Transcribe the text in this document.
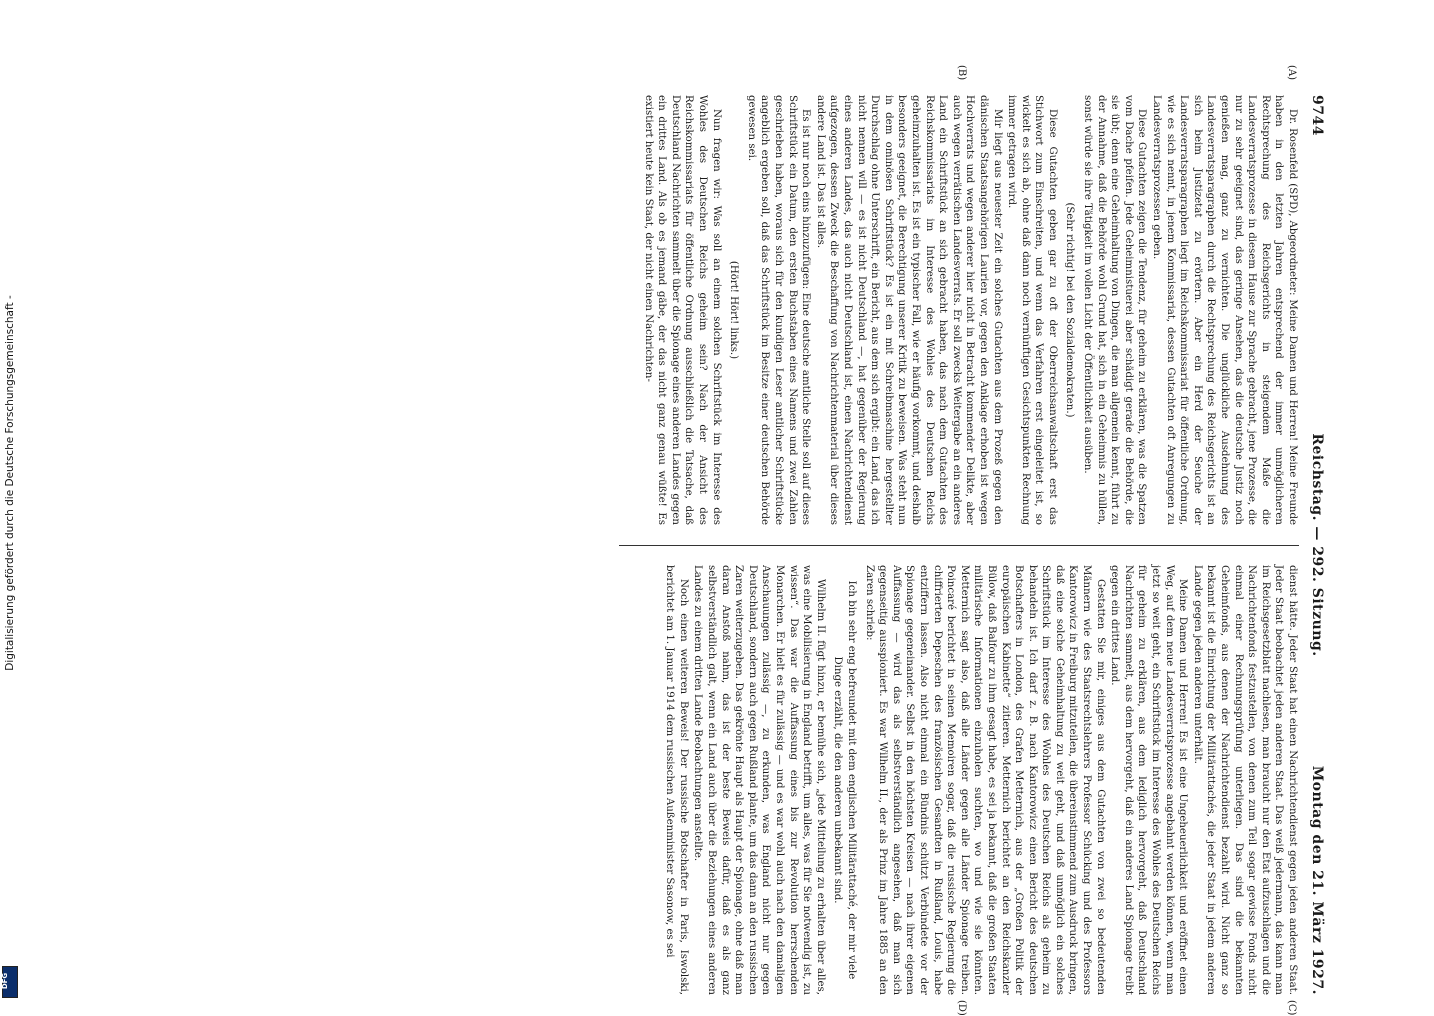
9744
Reichstag. — 292. Sitzung.
Montag den 21. März 1927.
(A)
(B)
(C)
(D)

Dr. Rosenfeld (SPD), Abgeordneter: Meine Damen und Herren! Meine Freunde haben in den letzten Jahren entsprechend der immer unmöglicheren Rechtsprechung des Reichsgerichts in steigendem Maße die Landesverratsprozesse in diesem Hause zur Sprache gebracht, jene Prozesse, die nur zu sehr geeignet sind, das geringe Ansehen, das die deutsche Justiz noch genießen mag, ganz zu vernichten. Die unglückliche Ausdehnung des Landesverratsparagraphen durch die Rechtsprechung des Reichsgerichts ist an sich beim Justizetat zu erörtern. Aber ein Herd der Seuche der Landesverratsparagraphen liegt im Reichskommissariat für öffentliche Ordnung, wie es sich nennt, in jenem Kommissariat, dessen Gutachten oft Anregungen zu Landesverratsprozessen geben.

Diese Gutachten zeigen die Tendenz, für geheim zu erklären, was die Spatzen vom Dache pfeifen. Jede Geheimnistuerei aber schädigt gerade die Behörde, die sie übt; denn eine Geheimhaltung von Dingen, die man allgemein kennt, führt zu der Annahme, daß die Behörde wohl Grund hat, sich in ein Geheimnis zu hüllen, sonst würde sie ihre Tätigkeit im vollen Licht der Öffentlichkeit ausüben.

(Sehr richtig! bei den Sozialdemokraten.)

Diese Gutachten geben gar zu oft der Oberreichsanwaltschaft erst das Stichwort zum Einschreiten, und wenn das Verfahren erst eingeleitet ist, so wickelt es sich ab, ohne daß dann noch vernünftigen Gesichtspunkten Rechnung immer getragen wird.

Mir liegt aus neuester Zeit ein solches Gutachten aus dem Prozeß gegen den dänischen Staatsangehörigen Laurien vor, gegen den Anklage erhoben ist wegen Hochverrats und wegen anderer hier nicht in Betracht kommender Delikte, aber auch wegen verrätischen Landesverrats. Er soll zwecks Weitergabe an ein anderes Land ein Schriftstück an sich gebracht haben, das nach dem Gutachten des Reichskommissariats im Interesse des Wohles des Deutschen Reichs geheimzuhalten ist. Es ist ein typischer Fall, wie er häufig vorkommt, und deshalb besonders geeignet, die Berechtigung unserer Kritik zu beweisen. Was steht nun in dem ominösen Schriftstück? Es ist ein mit Schreibmaschine hergestellter Durchschlag ohne Unterschrift, ein Bericht, aus dem sich ergibt: ein Land, das ich nicht nennen will — es ist nicht Deutschland —, hat gegenüber der Regierung eines anderen Landes, das auch nicht Deutschland ist, einen Nachrichtendienst aufgezogen, dessen Zweck die Beschaffung von Nachrichtenmaterial über dieses andere Land ist. Das ist alles.

Es ist nur noch eins hinzuzufügen: Eine deutsche amtliche Stelle soll auf dieses Schriftstück ein Datum, den ersten Buchstaben eines Namens und zwei Zahlen geschrieben haben, woraus sich für den kundigen Leser amtlicher Schriftstücke angeblich ergeben soll, daß das Schriftstück im Besitze einer deutschen Behörde gewesen sei.

(Hört! Hört! links.)

Nun fragen wir: Was soll an einem solchen Schriftstück im Interesse des Wohles des Deutschen Reichs geheim sein? Nach der Ansicht des Reichskommissariats für öffentliche Ordnung ausschließlich die Tatsache, daß Deutschland Nachrichten sammelt über die Spionage eines anderen Landes gegen ein drittes Land. Als ob es jemand gäbe, der das nicht ganz genau wüßte! Es existiert heute kein Staat, der nicht einen Nachrichten-

dienst hätte. Jeder Staat hat einen Nachrichtendienst gegen jeden anderen Staat. Jeder Staat beobachtet jeden anderen Staat. Das weiß jedermann, das kann man im Reichsgesetzblatt nachlesen, man braucht nur den Etat aufzuschlagen und die Nachrichtenfonds festzustellen, von denen zum Teil sogar gewisse Fonds nicht einmal einer Rechnungsprüfung unterliegen. Das sind die bekannten Geheimfonds, aus denen der Nachrichtendienst bezahlt wird. Nicht ganz so bekannt ist die Einrichtung der Militärattachés, die jeder Staat in jedem anderen Lande gegen jeden anderen unterhält.

Meine Damen und Herren! Es ist eine Ungeheuerlichkeit und eröffnet einen Weg, auf dem neue Landesverratsprozesse angebahnt werden können, wenn man jetzt so weit geht, ein Schriftstück im Interesse des Wohles des Deutschen Reichs für geheim zu erklären, aus dem lediglich hervorgeht, daß Deutschland Nachrichten sammelt, aus dem hervorgeht, daß ein anderes Land Spionage treibt gegen ein drittes Land.

Gestatten Sie mir, einiges aus dem Gutachten von zwei so bedeutenden Männern wie des Staatsrechtslehrers Professor Schücking und des Professors Kantorowicz in Freiburg mitzuteilen, die übereinstimmend zum Ausdruck bringen, daß eine solche Geheimhaltung zu weit geht, und daß unmöglich ein solches Schriftstück im Interesse des Wohles des Deutschen Reichs als geheim zu behandeln ist. Ich darf z. B. nach Kantorowicz einen Bericht des deutschen Botschafters in London, des Grafen Metternich, aus der „Großen Politik der europäischen Kabinette“ zitieren. Metternich berichtet an den Reichskanzler Bülow, daß Balfour zu ihm gesagt habe, es sei ja bekannt, daß die großen Staaten militärische Informationen einzuholen suchten, wo und wie sie könnten. Metternich sagt also, daß alle Länder gegen alle Länder Spionage treiben. Poincaré berichtet in seinen Memoiren sogar, daß die russische Regierung die chiffrierten Depeschen des französischen Gesandten in Rußland, Louis, habe entziffern lassen. Also nicht einmal ein Bündnis schützt Verbündete vor der Spionage gegeneinander. Selbst in den höchsten Kreisen — nach ihrer eigenen Auffassung — wird das als selbstverständlich angesehen, daß man sich gegenseitig ausspioniert. Es war Wilhelm II., der als Prinz im Jahre 1885 an den Zaren schrieb:

Ich bin sehr eng befreundet mit dem englischen Militärattaché, der mir viele Dinge erzählt, die den anderen unbekannt sind.

Wilhelm II. fügt hinzu, er bemühe sich, „jede Mitteilung zu erhalten über alles, was eine Mobilisierung in England betrifft, um alles, was für Sie notwendig ist, zu wissen“. Das war die Auffassung eines bis zur Revolution herrschenden Monarchen. Er hielt es für zulässig — und es war wohl auch nach den damaligen Anschauungen zulässig —, zu erkunden, was England nicht nur gegen Deutschland, sondern auch gegen Rußland plante, um das dann an den russischen Zaren weiterzugeben. Das gekrönte Haupt als Haupt der Spionage, ohne daß man daran Anstoß nahm, das ist der beste Beweis dafür, daß es als ganz selbstverständlich galt, wenn ein Land auch über die Beziehungen eines anderen Landes zu einem dritten Lande Beobachtungen anstellte.

Noch einen weiteren Beweis! Der russische Botschafter in Paris, Iswolski, berichtet am 1. Januar 1914 dem russischen Außenminister Sasonow, es sei

Digitalisierung gefördert durch die Deutsche Forschungsgemeinschaft -
DFG
